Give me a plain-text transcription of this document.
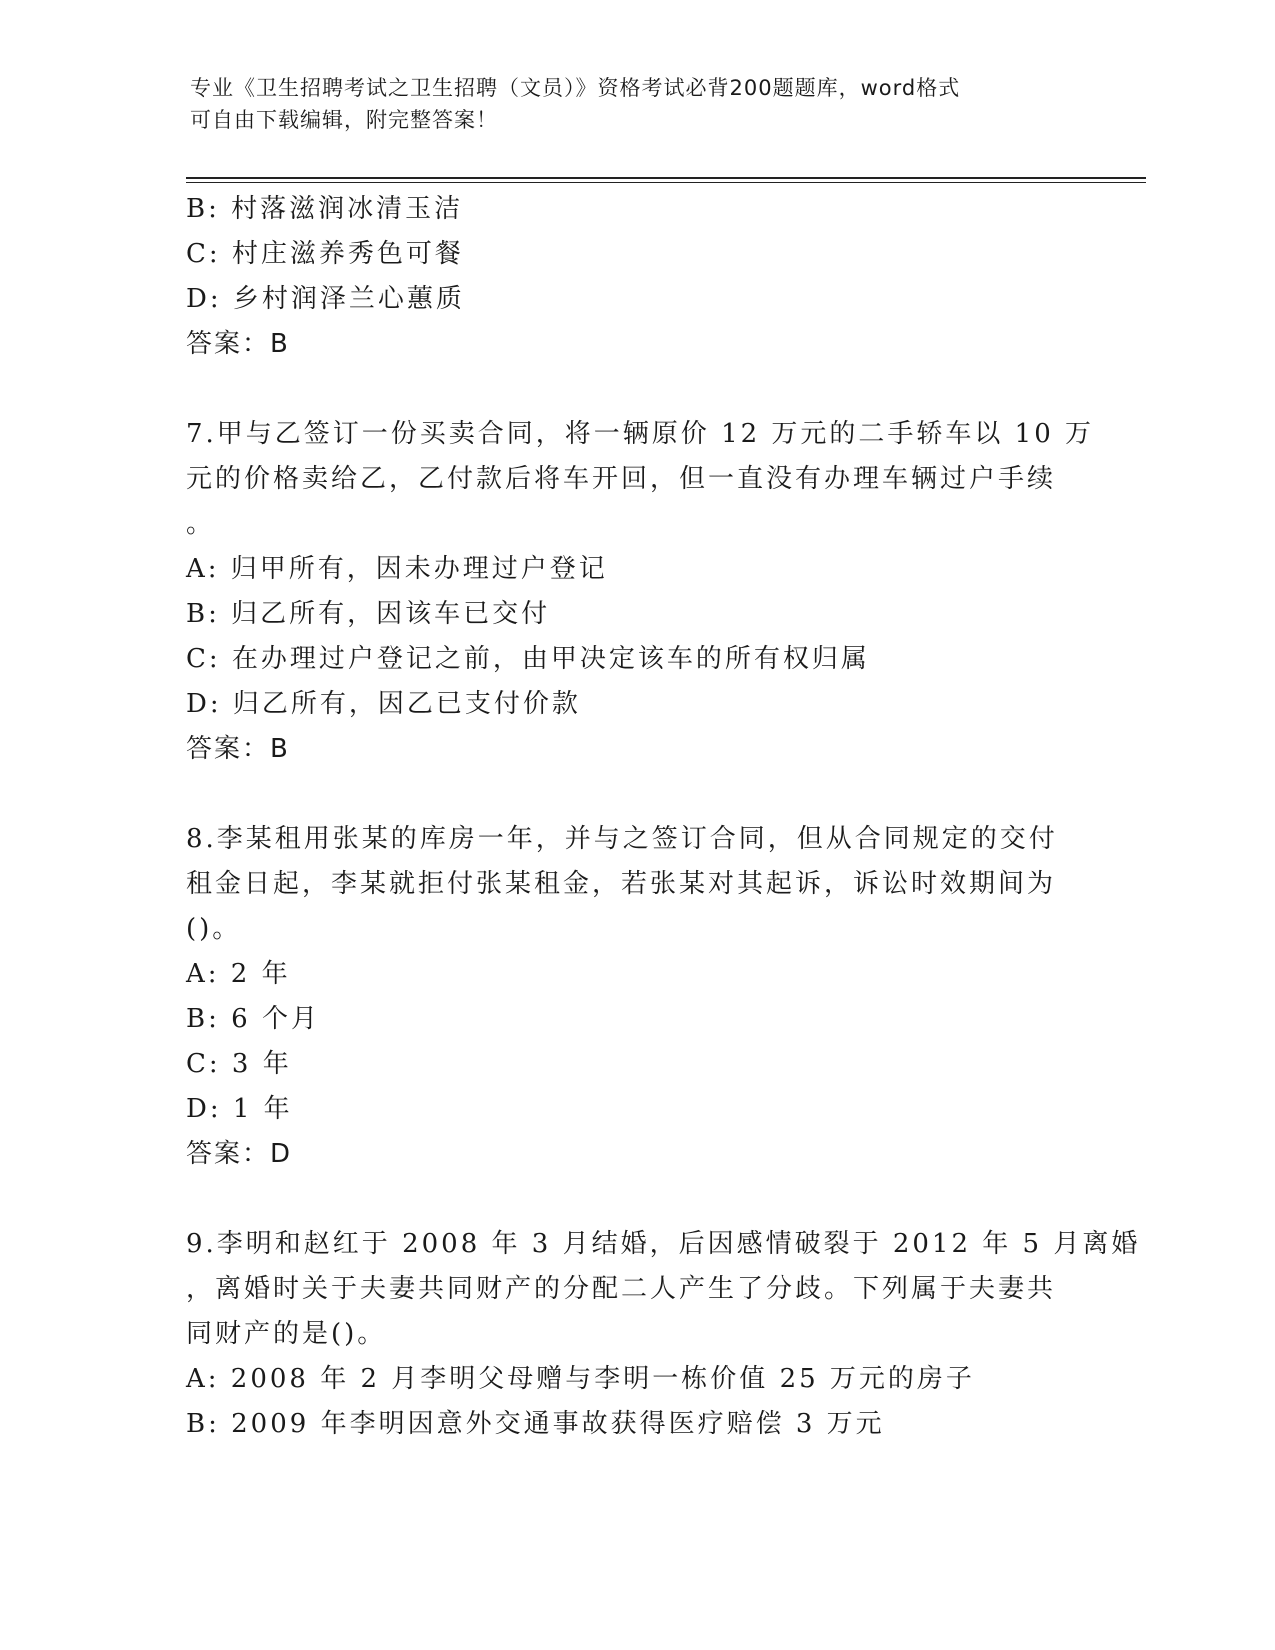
专业《卫生招聘考试之卫生招聘（文员）》资格考试必背200题题库，word格式
可自由下载编辑，附完整答案！
B: 村落滋润冰清玉洁
C: 村庄滋养秀色可餐
D: 乡村润泽兰心蕙质
答案：B
7.甲与乙签订一份买卖合同，将一辆原价 12 万元的二手轿车以 10 万
元的价格卖给乙，乙付款后将车开回，但一直没有办理车辆过户手续
。
A: 归甲所有，因未办理过户登记
B: 归乙所有，因该车已交付
C: 在办理过户登记之前，由甲决定该车的所有权归属
D: 归乙所有，因乙已支付价款
答案：B
8.李某租用张某的库房一年，并与之签订合同，但从合同规定的交付
租金日起，李某就拒付张某租金，若张某对其起诉，诉讼时效期间为
()。
A: 2 年
B: 6 个月
C: 3 年
D: 1 年
答案：D
9.李明和赵红于 2008 年 3 月结婚，后因感情破裂于 2012 年 5 月离婚
，离婚时关于夫妻共同财产的分配二人产生了分歧。下列属于夫妻共
同财产的是()。
A: 2008 年 2 月李明父母赠与李明一栋价值 25 万元的房子
B: 2009 年李明因意外交通事故获得医疗赔偿 3 万元
